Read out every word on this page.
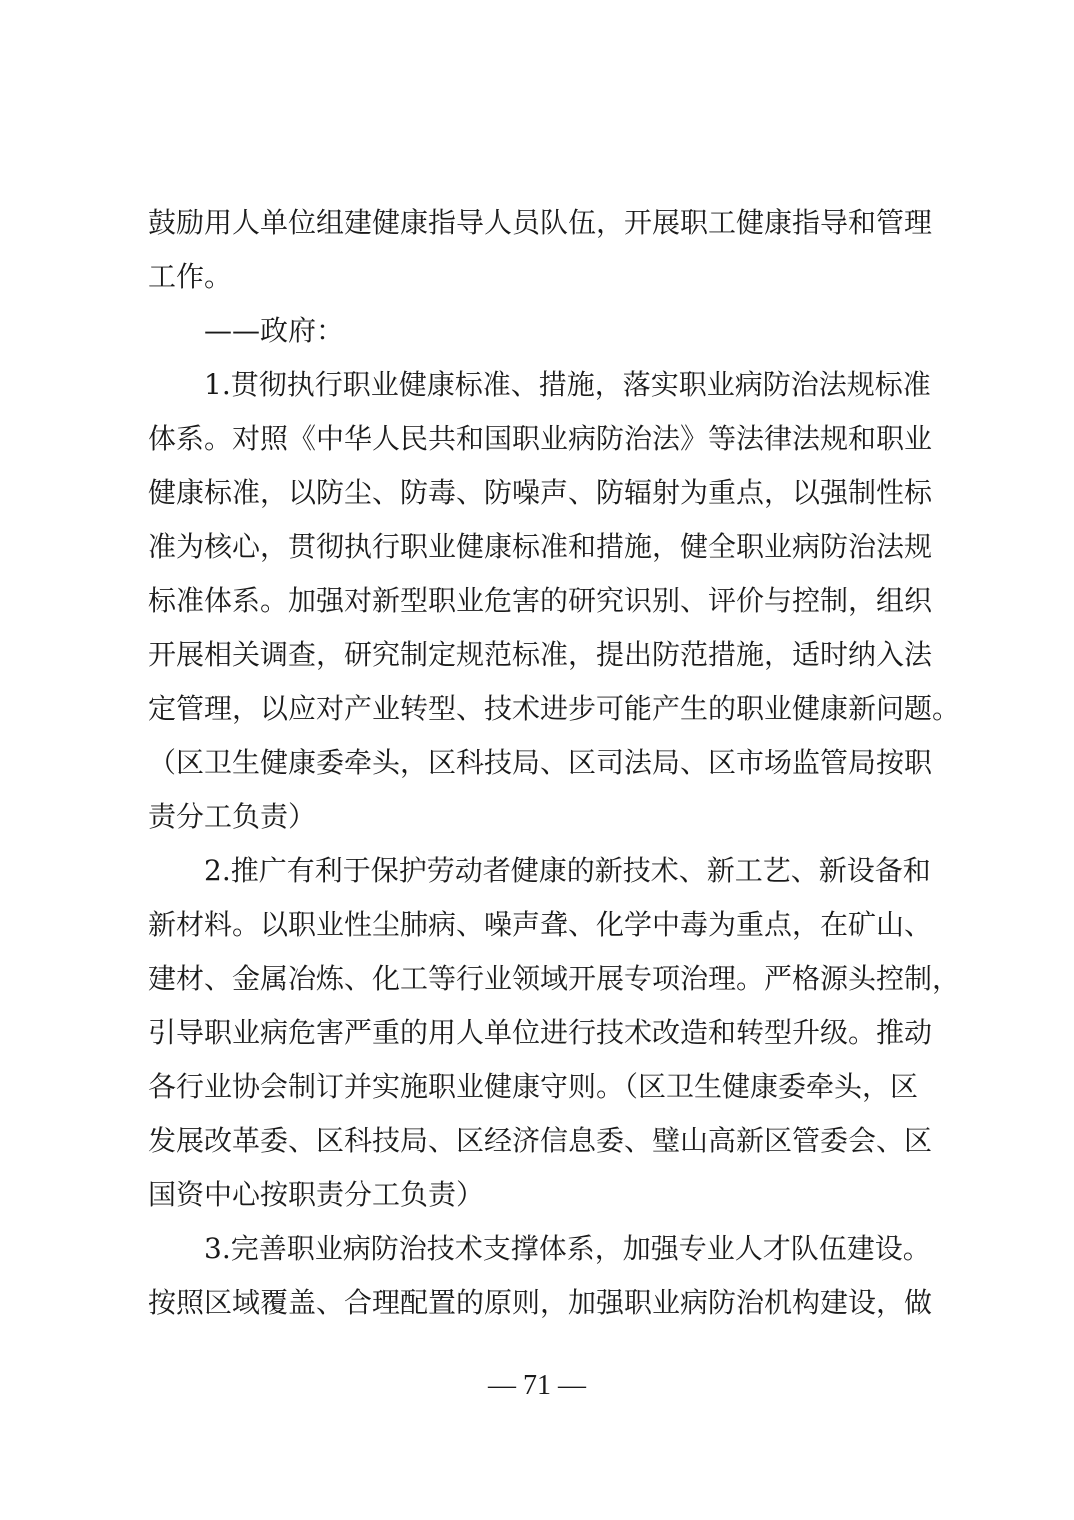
鼓励用人单位组建健康指导人员队伍，开展职工健康指导和管理
工作。
——政府：
1.贯彻执行职业健康标准、措施，落实职业病防治法规标准
体系。对照《中华人民共和国职业病防治法》等法律法规和职业
健康标准，以防尘、防毒、防噪声、防辐射为重点，以强制性标
准为核心，贯彻执行职业健康标准和措施，健全职业病防治法规
标准体系。加强对新型职业危害的研究识别、评价与控制，组织
开展相关调查，研究制定规范标准，提出防范措施，适时纳入法
定管理，以应对产业转型、技术进步可能产生的职业健康新问题。
（区卫生健康委牵头，区科技局、区司法局、区市场监管局按职
责分工负责）
2.推广有利于保护劳动者健康的新技术、新工艺、新设备和
新材料。以职业性尘肺病、噪声聋、化学中毒为重点，在矿山、
建材、金属冶炼、化工等行业领域开展专项治理。严格源头控制，
引导职业病危害严重的用人单位进行技术改造和转型升级。推动
各行业协会制订并实施职业健康守则。（区卫生健康委牵头，区
发展改革委、区科技局、区经济信息委、璧山高新区管委会、区
国资中心按职责分工负责）
3.完善职业病防治技术支撑体系，加强专业人才队伍建设。
按照区域覆盖、合理配置的原则，加强职业病防治机构建设，做
— 71 —
